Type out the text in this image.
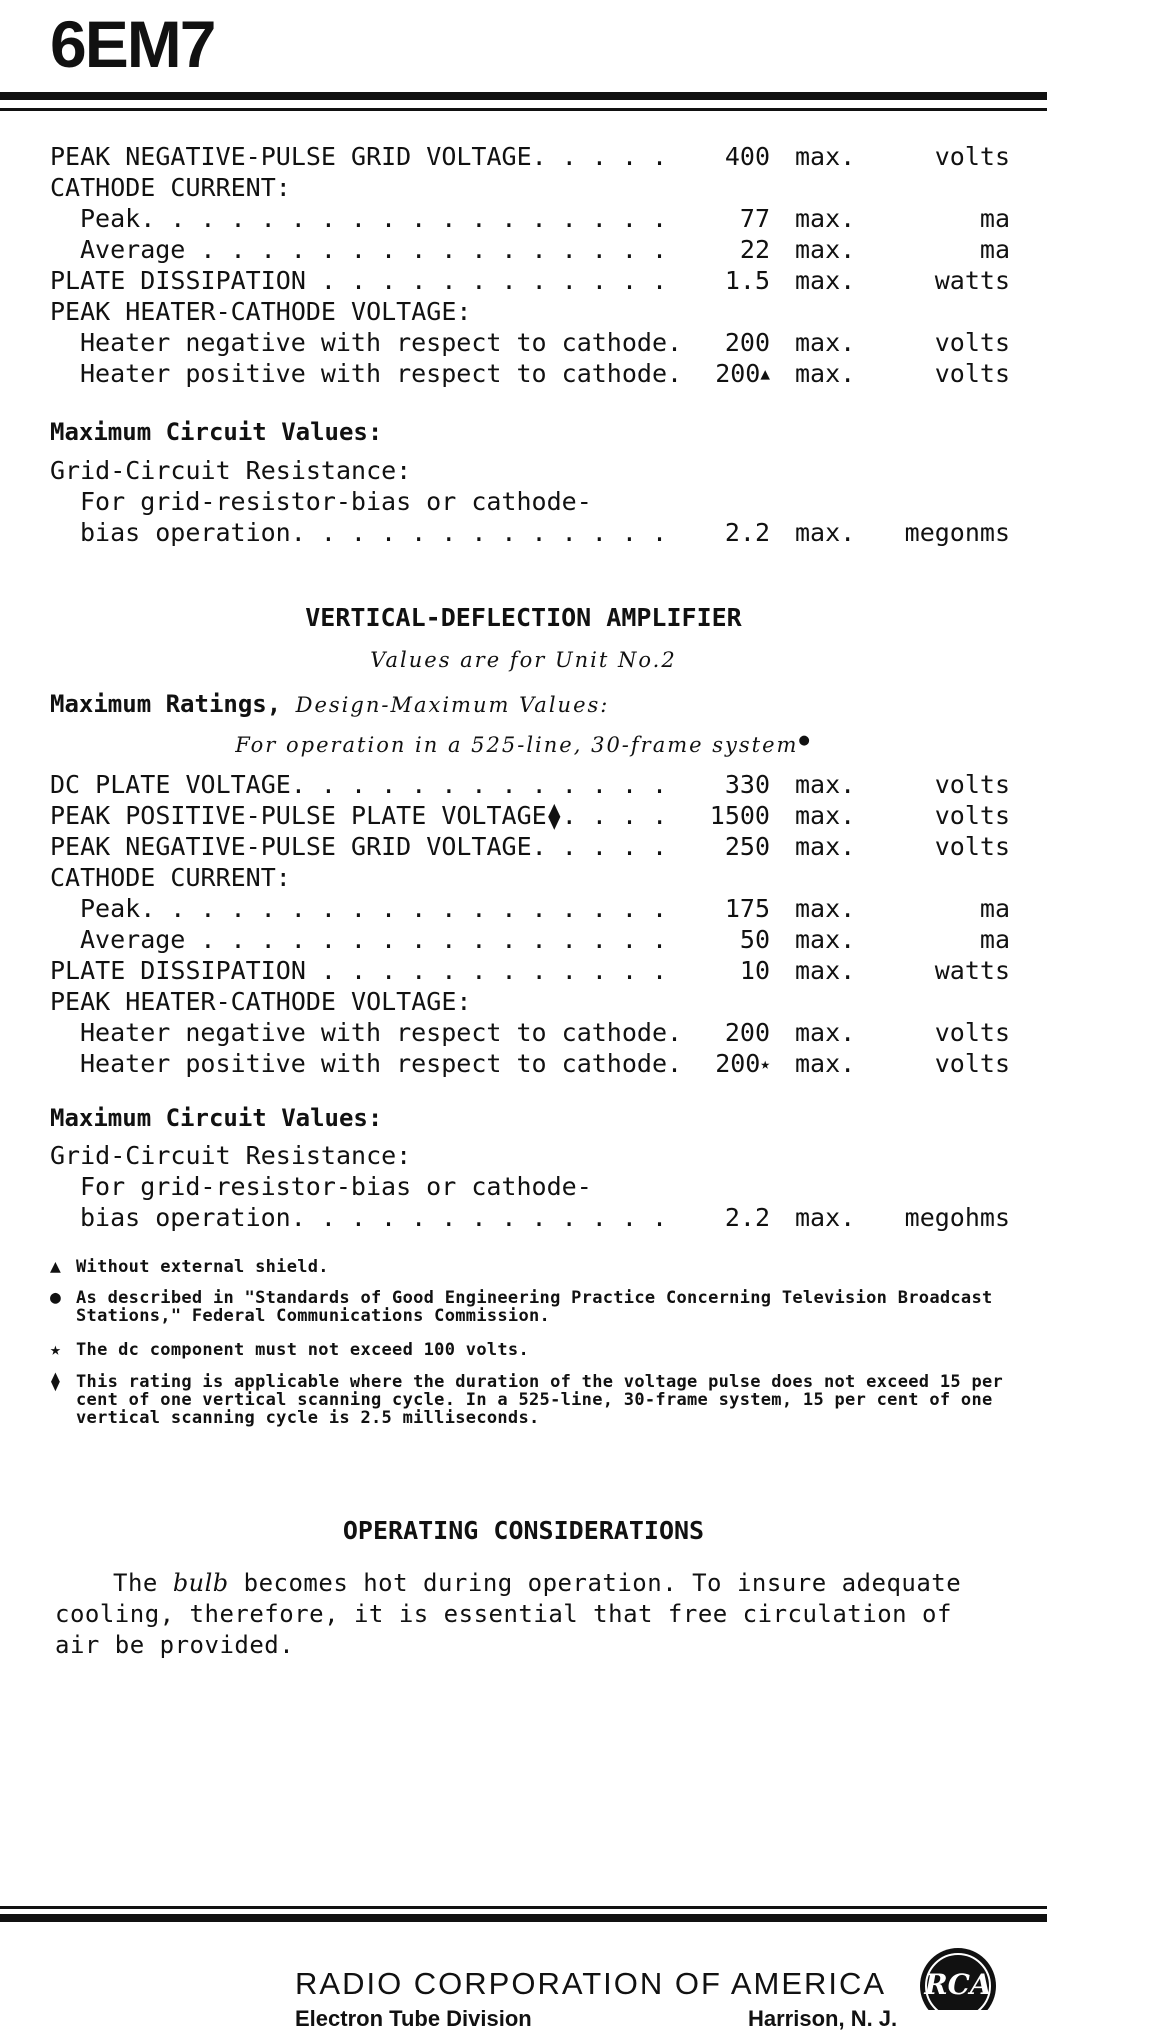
6EM7
PEAK NEGATIVE-PULSE GRID VOLTAGE. . . . . 400 max.	volts
CATHODE CURRENT:
Peak. . . . . . . . . . . . . . . . . .	77 max.	ma
Average . . . . . . . . . . . . . . . .	22 max.	ma
PLATE DISSIPATION . . . . . . . . . . . . 1.5 max.	watts
PEAK HEATER-CATHODE VOLTAGE:
Heater negative with respect to cathode. 200 max.	volts
Heater positive with respect to cathode. 200▲ max.	volts
Grid-Circuit Resistance:
For grid-resistor-bias or cathode-
bias operation. . . . . . . . . . . . . 2.2 max. megonms
Maximum Circuit Values:
VERTICAL-DEFLECTION AMPLIFIER
Values are for Unit No.2
Maximum Ratings, Design-Maximum Values:
For operation in a 525-line, 30-frame system●
DC PLATE VOLTAGE. . . . . . . . . . . . . 330 max.	volts
PEAK POSITIVE-PULSE PLATE VOLTAGE⧫. . . . 1500 max.	volts
PEAK NEGATIVE-PULSE GRID VOLTAGE. . . . . 250 max.	volts
CATHODE CURRENT:
Peak. . . . . . . . . . . . . . . . . . 175 max.	ma
Average . . . . . . . . . . . . . . . .	50 max.	ma
PLATE DISSIPATION . . . . . . . . . . . .	10 max.	watts
PEAK HEATER-CATHODE VOLTAGE:
Heater negative with respect to cathode. 200 max.	volts
Heater positive with respect to cathode. 200★ max.	volts
Maximum Circuit Values:
Grid-Circuit Resistance:
For grid-resistor-bias or cathode-
bias operation. . . . . . . . . . . . . 2.2 max. megohms
▲ Without external shield.
● As described in "Standards of Good Engineering Practice Concerning Television Broadcast Stations," Federal Communications Commission.
★ The dc component must not exceed 100 volts.
⧫ This rating is applicable where the duration of the voltage pulse does not exceed 15 per cent of one vertical scanning cycle. In a 525-line, 30-frame system, 15 per cent of one vertical scanning cycle is 2.5 milliseconds.
OPERATING CONSIDERATIONS
The bulb becomes hot during operation. To insure adequate cooling, therefore, it is essential that free circulation of air be provided.
RADIO CORPORATION OF AMERICA
Electron Tube Division	Harrison, N. J.
RCA
